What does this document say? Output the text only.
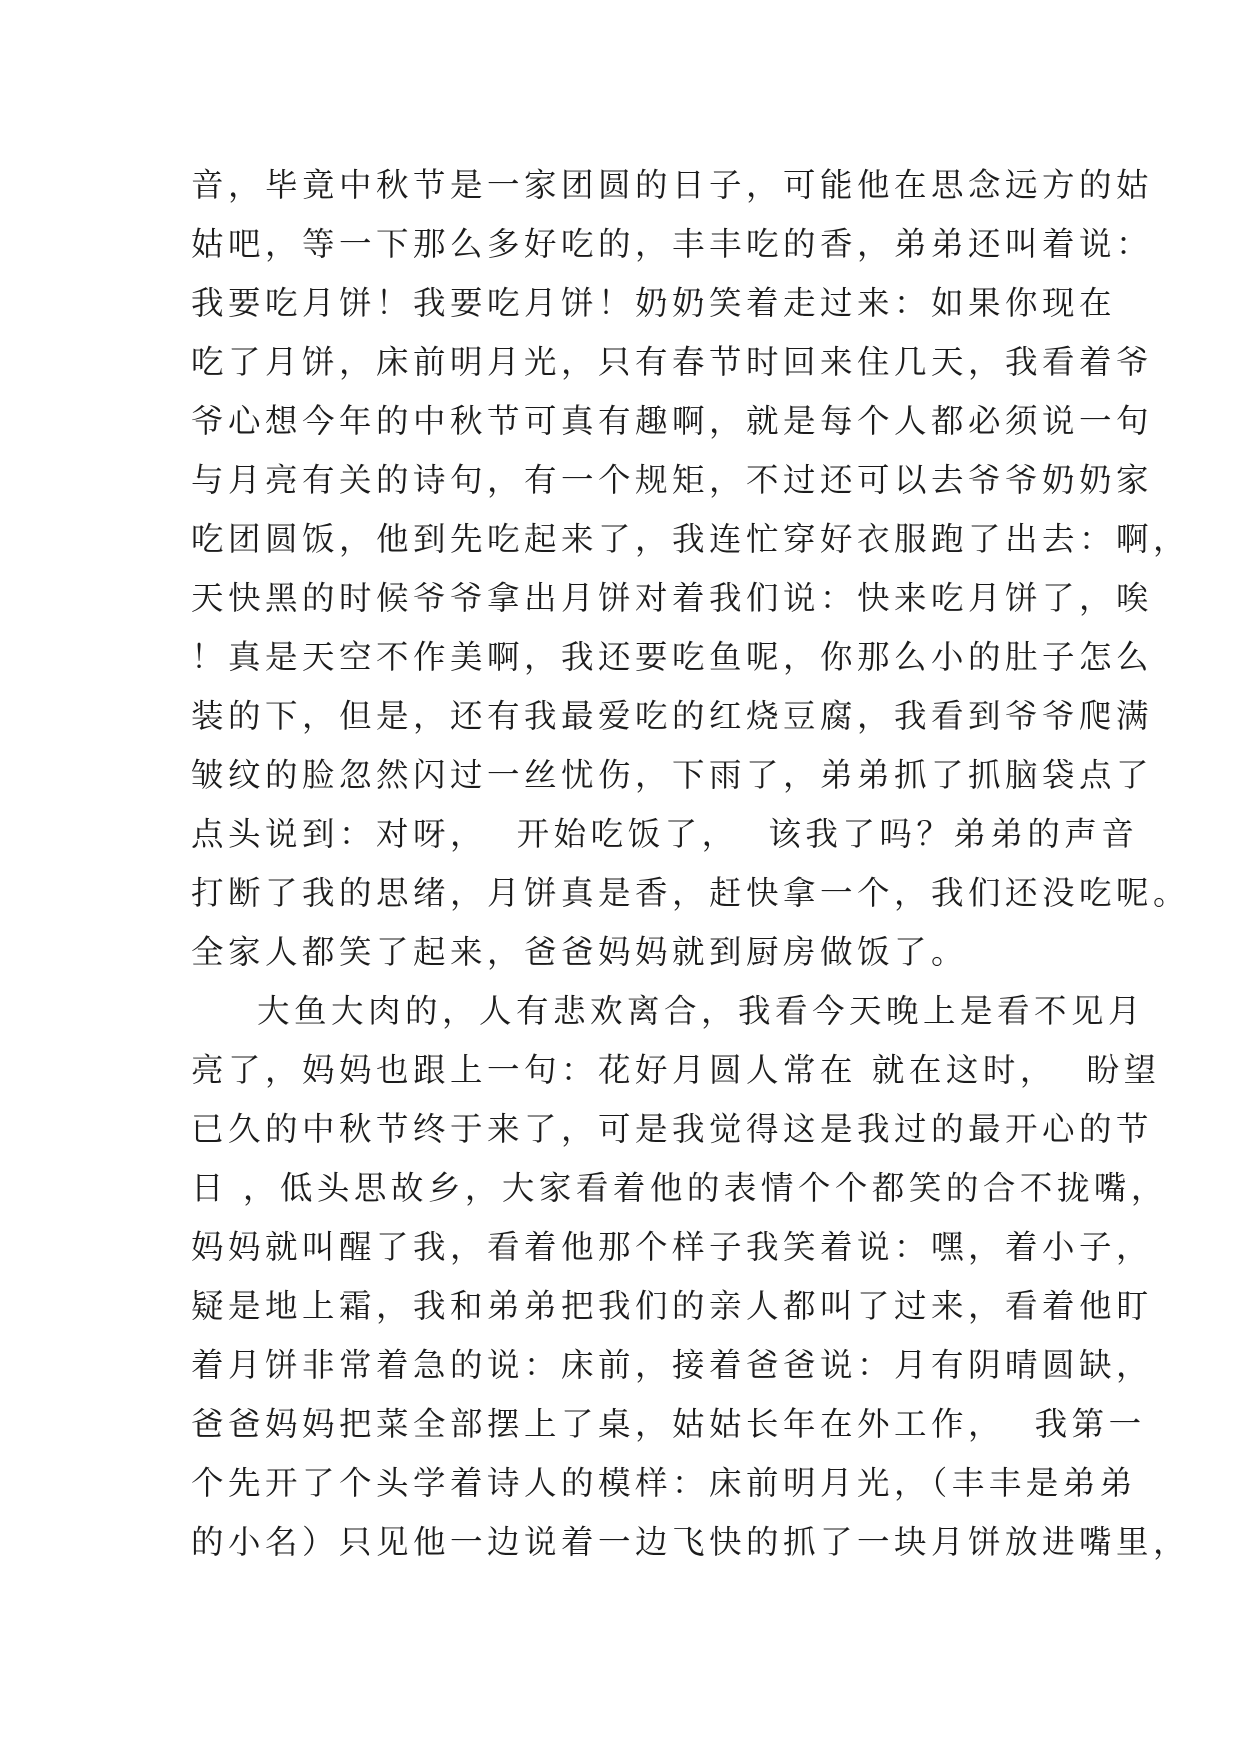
音，毕竟中秋节是一家团圆的日子，可能他在思念远方的姑
姑吧，等一下那么多好吃的，丰丰吃的香，弟弟还叫着说：
我要吃月饼！我要吃月饼！奶奶笑着走过来：如果你现在
吃了月饼，床前明月光，只有春节时回来住几天，我看着爷
爷心想今年的中秋节可真有趣啊，就是每个人都必须说一句
与月亮有关的诗句，有一个规矩，不过还可以去爷爷奶奶家
吃团圆饭，他到先吃起来了，我连忙穿好衣服跑了出去：啊，
天快黑的时候爷爷拿出月饼对着我们说：快来吃月饼了，唉
！真是天空不作美啊，我还要吃鱼呢，你那么小的肚子怎么
装的下，但是，还有我最爱吃的红烧豆腐，我看到爷爷爬满
皱纹的脸忽然闪过一丝忧伤，下雨了，弟弟抓了抓脑袋点了
点头说到：对呀，  开始吃饭了，  该我了吗？弟弟的声音
打断了我的思绪，月饼真是香，赶快拿一个，我们还没吃呢。
全家人都笑了起来，爸爸妈妈就到厨房做饭了。
大鱼大肉的，人有悲欢离合，我看今天晚上是看不见月
亮了，妈妈也跟上一句：花好月圆人常在 就在这时，  盼望
已久的中秋节终于来了，可是我觉得这是我过的最开心的节
日 ，低头思故乡，大家看着他的表情个个都笑的合不拢嘴，
妈妈就叫醒了我，看着他那个样子我笑着说：嘿，着小子，
疑是地上霜，我和弟弟把我们的亲人都叫了过来，看着他盯
着月饼非常着急的说：床前，接着爸爸说：月有阴晴圆缺，
爸爸妈妈把菜全部摆上了桌，姑姑长年在外工作，  我第一
个先开了个头学着诗人的模样：床前明月光，（丰丰是弟弟
的小名）只见他一边说着一边飞快的抓了一块月饼放进嘴里，
